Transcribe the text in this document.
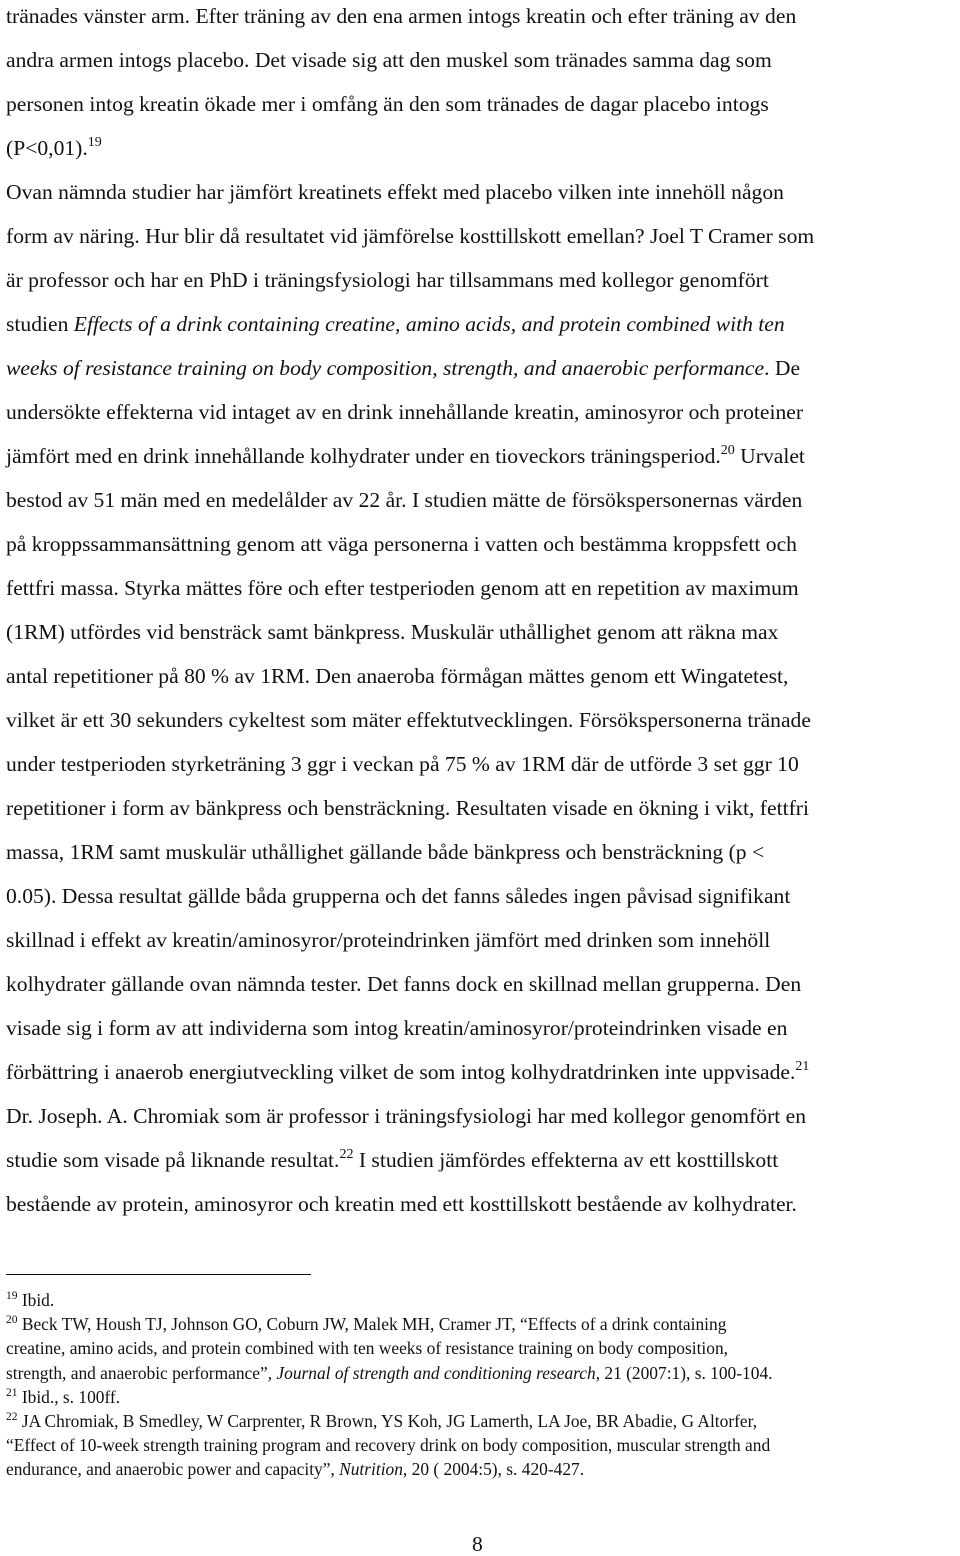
tränades vänster arm. Efter träning av den ena armen intogs kreatin och efter träning av den

andra armen intogs placebo. Det visade sig att den muskel som tränades samma dag som

personen intog kreatin ökade mer i omfång än den som tränades de dagar placebo intogs

(P<0,01).$^{19}$

Ovan nämnda studier har jämfört kreatinets effekt med placebo vilken inte innehöll någon

form av näring. Hur blir då resultatet vid jämförelse kosttillskott emellan? Joel T Cramer som

är professor och har en PhD i träningsfysiologi har tillsammans med kollegor genomfört

studien Effects of a drink containing creatine, amino acids, and protein combined with ten

weeks of resistance training on body composition, strength, and anaerobic performance. De

undersökte effekterna vid intaget av en drink innehållande kreatin, aminosyror och proteiner

jämfört med en drink innehållande kolhydrater under en tioveckors träningsperiod.$^{20}$ Urvalet

bestod av 51 män med en medelålder av 22 år. I studien mätte de försökspersonernas värden

på kroppssammansättning genom att väga personerna i vatten och bestämma kroppsfett och

fettfri massa. Styrka mättes före och efter testperioden genom att en repetition av maximum

(1RM) utfördes vid bensträck samt bänkpress. Muskulär uthållighet genom att räkna max

antal repetitioner på 80 % av 1RM. Den anaeroba förmågan mättes genom ett Wingatetest,

vilket är ett 30 sekunders cykeltest som mäter effektutvecklingen. Försökspersonerna tränade

under testperioden styrketräning 3 ggr i veckan på 75 % av 1RM där de utförde 3 set ggr 10

repetitioner i form av bänkpress och bensträckning. Resultaten visade en ökning i vikt, fettfri

massa, 1RM samt muskulär uthållighet gällande både bänkpress och bensträckning (p <

0.05). Dessa resultat gällde båda grupperna och det fanns således ingen påvisad signifikant

skillnad i effekt av kreatin/aminosyror/proteindrinken jämfört med drinken som innehöll

kolhydrater gällande ovan nämnda tester. Det fanns dock en skillnad mellan grupperna. Den

visade sig i form av att individerna som intog kreatin/aminosyror/proteindrinken visade en

förbättring i anaerob energiutveckling vilket de som intog kolhydratdrinken inte uppvisade.$^{21}$

Dr. Joseph. A. Chromiak som är professor i träningsfysiologi har med kollegor genomfört en

studie som visade på liknande resultat.$^{22}$ I studien jämfördes effekterna av ett kosttillskott

bestående av protein, aminosyror och kreatin med ett kosttillskott bestående av kolhydrater.

$^{19}$ Ibid.

$^{20}$ Beck TW, Housh TJ, Johnson GO, Coburn JW, Malek MH, Cramer JT, “Effects of a drink containing

creatine, amino acids, and protein combined with ten weeks of resistance training on body composition,

strength, and anaerobic performance”, Journal of strength and conditioning research, 21 (2007:1), s. 100-104.

$^{21}$ Ibid., s. 100ff.

$^{22}$ JA Chromiak, B Smedley, W Carprenter, R Brown, YS Koh, JG Lamerth, LA Joe, BR Abadie, G Altorfer,

“Effect of 10-week strength training program and recovery drink on body composition, muscular strength and

endurance, and anaerobic power and capacity”, Nutrition, 20 ( 2004:5), s. 420-427.

8
